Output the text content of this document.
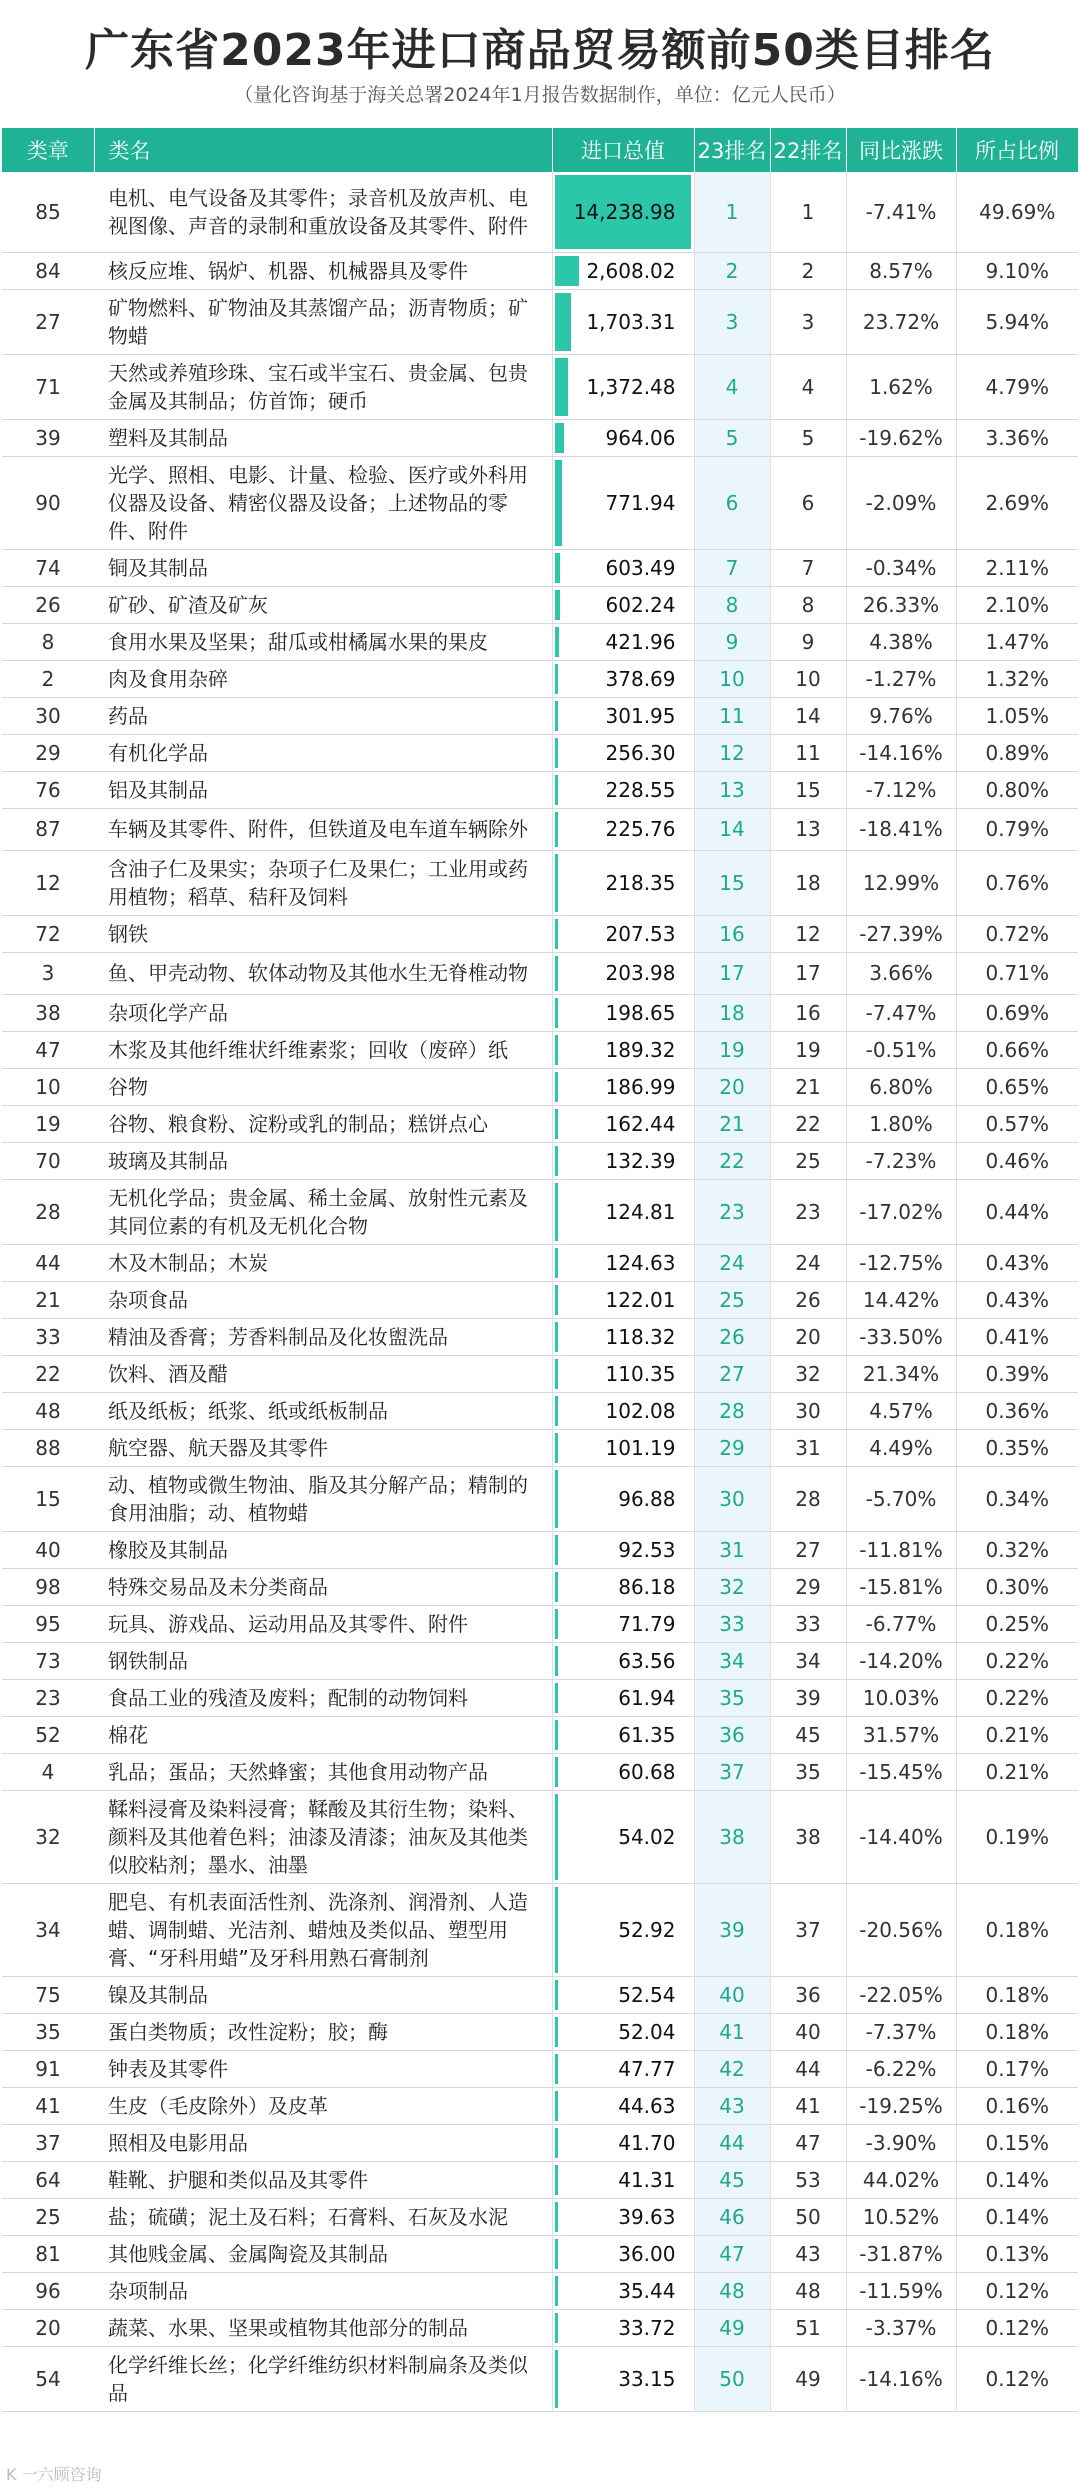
广东省2023年进口商品贸易额前50类目排名
（量化咨询基于海关总署2024年1月报告数据制作，单位：亿元人民币）
类章	类名	进口总值	23排名	22排名	同比涨跌	所占比例
85	电机、电气设备及其零件；录音机及放声机、电视图像、声音的录制和重放设备及其零件、附件	14,238.98	1	1	-7.41%	49.69%
84	核反应堆、锅炉、机器、机械器具及零件	2,608.02	2	2	8.57%	9.10%
27	矿物燃料、矿物油及其蒸馏产品；沥青物质；矿物蜡	1,703.31	3	3	23.72%	5.94%
71	天然或养殖珍珠、宝石或半宝石、贵金属、包贵金属及其制品；仿首饰；硬币	1,372.48	4	4	1.62%	4.79%
39	塑料及其制品	964.06	5	5	-19.62%	3.36%
90	光学、照相、电影、计量、检验、医疗或外科用仪器及设备、精密仪器及设备；上述物品的零件、附件	771.94	6	6	-2.09%	2.69%
74	铜及其制品	603.49	7	7	-0.34%	2.11%
26	矿砂、矿渣及矿灰	602.24	8	8	26.33%	2.10%
8	食用水果及坚果；甜瓜或柑橘属水果的果皮	421.96	9	9	4.38%	1.47%
2	肉及食用杂碎	378.69	10	10	-1.27%	1.32%
30	药品	301.95	11	14	9.76%	1.05%
29	有机化学品	256.30	12	11	-14.16%	0.89%
76	铝及其制品	228.55	13	15	-7.12%	0.80%
87	车辆及其零件、附件，但铁道及电车道车辆除外	225.76	14	13	-18.41%	0.79%
12	含油子仁及果实；杂项子仁及果仁；工业用或药用植物；稻草、秸秆及饲料	218.35	15	18	12.99%	0.76%
72	钢铁	207.53	16	12	-27.39%	0.72%
3	鱼、甲壳动物、软体动物及其他水生无脊椎动物	203.98	17	17	3.66%	0.71%
38	杂项化学产品	198.65	18	16	-7.47%	0.69%
47	木浆及其他纤维状纤维素浆；回收（废碎）纸	189.32	19	19	-0.51%	0.66%
10	谷物	186.99	20	21	6.80%	0.65%
19	谷物、粮食粉、淀粉或乳的制品；糕饼点心	162.44	21	22	1.80%	0.57%
70	玻璃及其制品	132.39	22	25	-7.23%	0.46%
28	无机化学品；贵金属、稀土金属、放射性元素及其同位素的有机及无机化合物	124.81	23	23	-17.02%	0.44%
44	木及木制品；木炭	124.63	24	24	-12.75%	0.43%
21	杂项食品	122.01	25	26	14.42%	0.43%
33	精油及香膏；芳香料制品及化妆盥洗品	118.32	26	20	-33.50%	0.41%
22	饮料、酒及醋	110.35	27	32	21.34%	0.39%
48	纸及纸板；纸浆、纸或纸板制品	102.08	28	30	4.57%	0.36%
88	航空器、航天器及其零件	101.19	29	31	4.49%	0.35%
15	动、植物或微生物油、脂及其分解产品；精制的食用油脂；动、植物蜡	96.88	30	28	-5.70%	0.34%
40	橡胶及其制品	92.53	31	27	-11.81%	0.32%
98	特殊交易品及未分类商品	86.18	32	29	-15.81%	0.30%
95	玩具、游戏品、运动用品及其零件、附件	71.79	33	33	-6.77%	0.25%
73	钢铁制品	63.56	34	34	-14.20%	0.22%
23	食品工业的残渣及废料；配制的动物饲料	61.94	35	39	10.03%	0.22%
52	棉花	61.35	36	45	31.57%	0.21%
4	乳品；蛋品；天然蜂蜜；其他食用动物产品	60.68	37	35	-15.45%	0.21%
32	鞣料浸膏及染料浸膏；鞣酸及其衍生物；染料、颜料及其他着色料；油漆及清漆；油灰及其他类似胶粘剂；墨水、油墨	54.02	38	38	-14.40%	0.19%
34	肥皂、有机表面活性剂、洗涤剂、润滑剂、人造蜡、调制蜡、光洁剂、蜡烛及类似品、塑型用膏、“牙科用蜡”及牙科用熟石膏制剂	52.92	39	37	-20.56%	0.18%
75	镍及其制品	52.54	40	36	-22.05%	0.18%
35	蛋白类物质；改性淀粉；胶；酶	52.04	41	40	-7.37%	0.18%
91	钟表及其零件	47.77	42	44	-6.22%	0.17%
41	生皮（毛皮除外）及皮革	44.63	43	41	-19.25%	0.16%
37	照相及电影用品	41.70	44	47	-3.90%	0.15%
64	鞋靴、护腿和类似品及其零件	41.31	45	53	44.02%	0.14%
25	盐；硫磺；泥土及石料；石膏料、石灰及水泥	39.63	46	50	10.52%	0.14%
81	其他贱金属、金属陶瓷及其制品	36.00	47	43	-31.87%	0.13%
96	杂项制品	35.44	48	48	-11.59%	0.12%
20	蔬菜、水果、坚果或植物其他部分的制品	33.72	49	51	-3.37%	0.12%
54	化学纤维长丝；化学纤维纺织材料制扁条及类似品	33.15	50	49	-14.16%	0.12%
K 一六顾咨询
